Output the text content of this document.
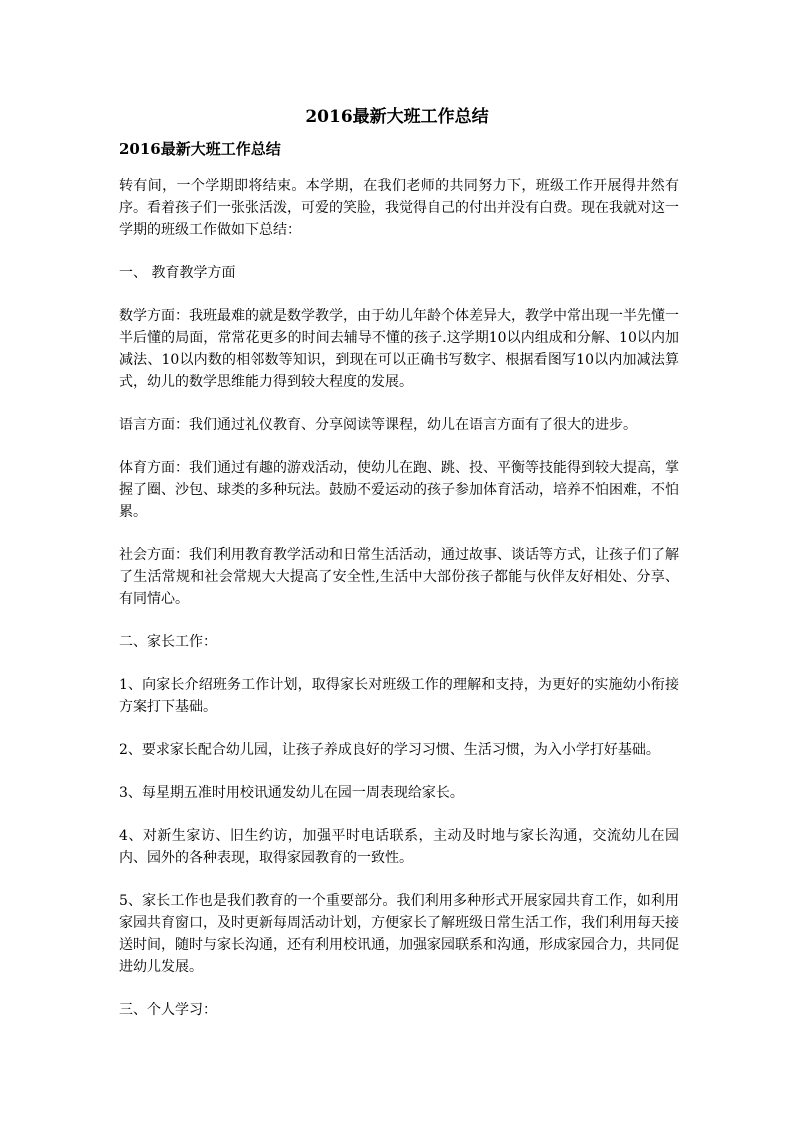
2016最新大班工作总结
2016最新大班工作总结

转有间，一个学期即将结束。本学期，在我们老师的共同努力下，班级工作开展得井然有序。看着孩子们一张张活泼，可爱的笑脸，我觉得自己的付出并没有白费。现在我就对这一学期的班级工作做如下总结：

一、 教育教学方面

数学方面：我班最难的就是数学教学，由于幼儿年龄个体差异大，教学中常出现一半先懂一半后懂的局面，常常花更多的时间去辅导不懂的孩子.这学期10以内组成和分解、10以内加减法、10以内数的相邻数等知识，到现在可以正确书写数字、根据看图写10以内加减法算式，幼儿的数学思维能力得到较大程度的发展。

语言方面：我们通过礼仪教育、分享阅读等课程，幼儿在语言方面有了很大的进步。

体育方面：我们通过有趣的游戏活动，使幼儿在跑、跳、投、平衡等技能得到较大提高，掌握了圈、沙包、球类的多种玩法。鼓励不爱运动的孩子参加体育活动，培养不怕困难，不怕累。

社会方面：我们利用教育教学活动和日常生活活动，通过故事、谈话等方式，让孩子们了解了生活常规和社会常规大大提高了安全性,生活中大部份孩子都能与伙伴友好相处、分享、有同情心。

二、家长工作：

1、向家长介绍班务工作计划，取得家长对班级工作的理解和支持，为更好的实施幼小衔接方案打下基础。

2、要求家长配合幼儿园，让孩子养成良好的学习习惯、生活习惯，为入小学打好基础。

3、每星期五准时用校讯通发幼儿在园一周表现给家长。

4、对新生家访、旧生约访，加强平时电话联系，主动及时地与家长沟通，交流幼儿在园内、园外的各种表现，取得家园教育的一致性。

5、家长工作也是我们教育的一个重要部分。我们利用多种形式开展家园共育工作，如利用家园共育窗口，及时更新每周活动计划，方便家长了解班级日常生活工作，我们利用每天接送时间，随时与家长沟通，还有利用校讯通，加强家园联系和沟通，形成家园合力，共同促进幼儿发展。

三、个人学习：
